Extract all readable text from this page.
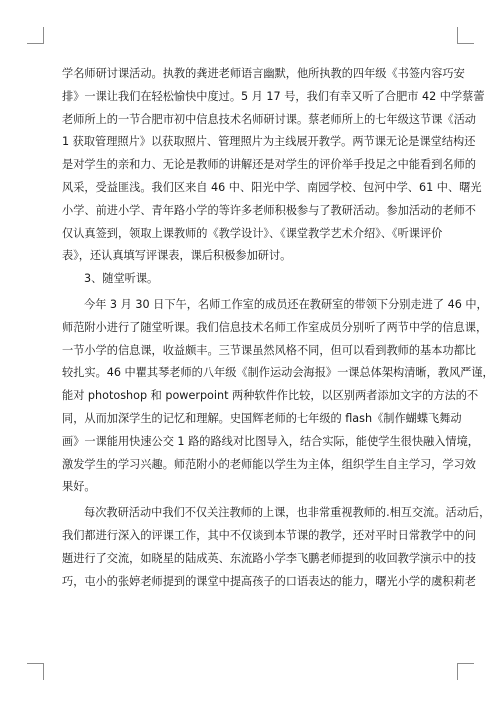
学名师研讨课活动。执教的龚进老师语言幽默，他所执教的四年级《书签内容巧安
排》一课让我们在轻松愉快中度过。5 月 17 号，我们有幸又听了合肥市 42 中学蔡蕾
老师所上的一节合肥市初中信息技术名师研讨课。蔡老师所上的七年级这节课《活动
1 获取管理照片》以获取照片、管理照片为主线展开教学。两节课无论是课堂结构还
是对学生的亲和力、无论是教师的讲解还是对学生的评价举手投足之中能看到名师的
风采，受益匪浅。我们区来自 46 中、阳光中学、南园学校、包河中学、61 中、曙光
小学、前进小学、青年路小学的等许多老师积极参与了教研活动。参加活动的老师不
仅认真签到，领取上课教师的《教学设计》、《课堂教学艺术介绍》、《听课评价
表》，还认真填写评课表，课后积极参加研讨。
3、随堂听课。
今年 3 月 30 日下午，名师工作室的成员还在教研室的带领下分别走进了 46 中，
师范附小进行了随堂听课。我们信息技术名师工作室成员分别听了两节中学的信息课，
一节小学的信息课，收益颇丰。三节课虽然风格不同，但可以看到教师的基本功都比
较扎实。46 中瞿其琴老师的八年级《制作运动会海报》一课总体架构清晰，教风严谨，
能对 photoshop 和 powerpoint 两种软件作比较，以区别两者添加文字的方法的不
同，从而加深学生的记忆和理解。史国辉老师的七年级的 flash《制作蝴蝶飞舞动
画》一课能用快速公交 1 路的路线对比图导入，结合实际，能使学生很快融入情境，
激发学生的学习兴趣。师范附小的老师能以学生为主体，组织学生自主学习，学习效
果好。
每次教研活动中我们不仅关注教师的上课，也非常重视教师的.相互交流。活动后，
我们都进行深入的评课工作，其中不仅谈到本节课的教学，还对平时日常教学中的问
题进行了交流，如晓星的陆成英、东流路小学李飞鹏老师提到的收回教学演示中的技
巧，屯小的张婷老师提到的课堂中提高孩子的口语表达的能力，曙光小学的虞积莉老
